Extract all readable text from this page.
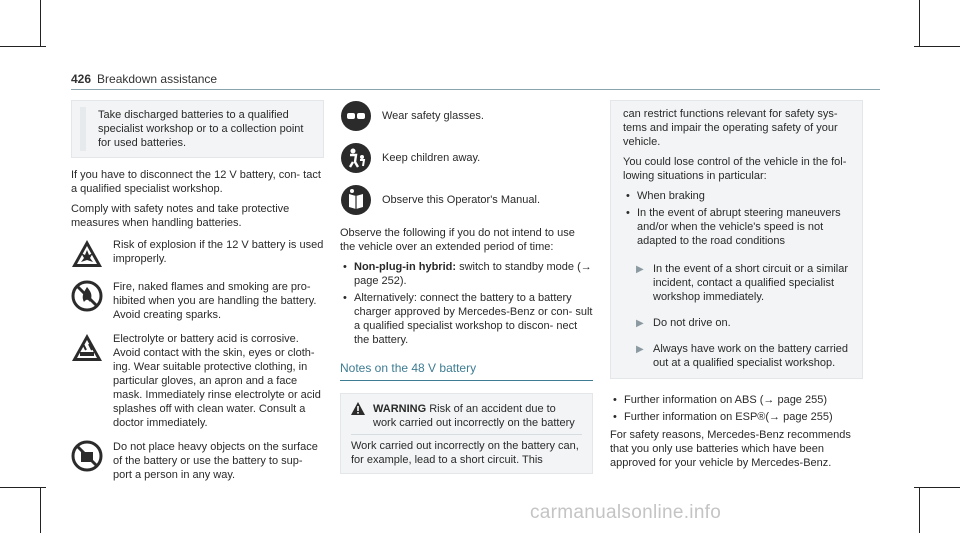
426 Breakdown assistance
Take discharged batteries to a qualified specialist workshop or to a collection point for used batteries.

If you have to disconnect the 12 V battery, con- tact a qualified specialist workshop.

Comply with safety notes and take protective measures when handling batteries.

Risk of explosion if the 12 V battery is used improperly.
Fire, naked flames and smoking are pro- hibited when you are handling the battery. Avoid creating sparks.
Electrolyte or battery acid is corrosive. Avoid contact with the skin, eyes or cloth- ing. Wear suitable protective clothing, in particular gloves, an apron and a face mask. Immediately rinse electrolyte or acid splashes off with clean water. Consult a doctor immediately.
Do not place heavy objects on the surface of the battery or use the battery to sup- port a person in any way.
Wear safety glasses.
Keep children away.
Observe this Operator's Manual.

Observe the following if you do not intend to use the vehicle over an extended period of time:

• Non-plug-in hybrid: switch to standby mode (→ page 252).
• Alternatively: connect the battery to a battery charger approved by Mercedes-Benz or con- sult a qualified specialist workshop to discon- nect the battery.
Notes on the 48 V battery
WARNING Risk of an accident due to work carried out incorrectly on the battery
Work carried out incorrectly on the battery can, for example, lead to a short circuit. This

can restrict functions relevant for safety sys- tems and impair the operating safety of your vehicle.

You could lose control of the vehicle in the fol- lowing situations in particular:

• When braking
• In the event of abrupt steering maneuvers and/or when the vehicle's speed is not adapted to the road conditions
▶ In the event of a short circuit or a similar incident, contact a qualified specialist workshop immediately.
▶ Do not drive on.
▶ Always have work on the battery carried out at a qualified specialist workshop.
• Further information on ABS (→ page 255)
• Further information on ESP®(→ page 255)

For safety reasons, Mercedes-Benz recommends that you only use batteries which have been approved for your vehicle by Mercedes-Benz.

carmanualsonline.info
